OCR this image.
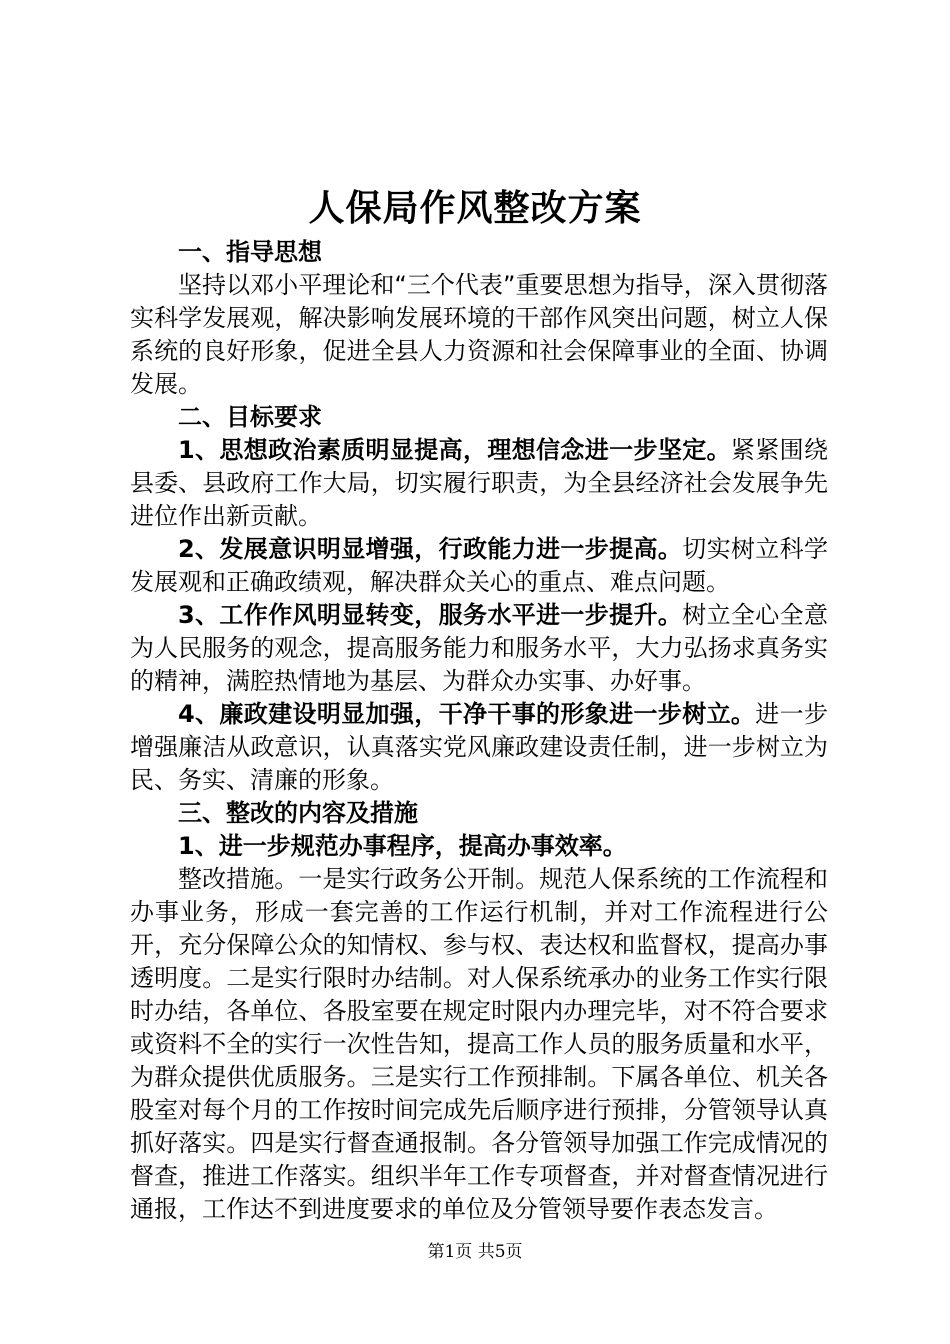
人保局作风整改方案

一、指导思想

坚持以邓小平理论和“三个代表”重要思想为指导，深入贯彻落实科学发展观，解决影响发展环境的干部作风突出问题，树立人保系统的良好形象，促进全县人力资源和社会保障事业的全面、协调发展。

二、目标要求

1、思想政治素质明显提高，理想信念进一步坚定。紧紧围绕县委、县政府工作大局，切实履行职责，为全县经济社会发展争先进位作出新贡献。

2、发展意识明显增强，行政能力进一步提高。切实树立科学发展观和正确政绩观，解决群众关心的重点、难点问题。

3、工作作风明显转变，服务水平进一步提升。树立全心全意为人民服务的观念，提高服务能力和服务水平，大力弘扬求真务实的精神，满腔热情地为基层、为群众办实事、办好事。

4、廉政建设明显加强，干净干事的形象进一步树立。进一步增强廉洁从政意识，认真落实党风廉政建设责任制，进一步树立为民、务实、清廉的形象。

三、整改的内容及措施

1、进一步规范办事程序，提高办事效率。

整改措施。一是实行政务公开制。规范人保系统的工作流程和办事业务，形成一套完善的工作运行机制，并对工作流程进行公开，充分保障公众的知情权、参与权、表达权和监督权，提高办事透明度。二是实行限时办结制。对人保系统承办的业务工作实行限时办结，各单位、各股室要在规定时限内办理完毕，对不符合要求或资料不全的实行一次性告知，提高工作人员的服务质量和水平，为群众提供优质服务。三是实行工作预排制。下属各单位、机关各股室对每个月的工作按时间完成先后顺序进行预排，分管领导认真抓好落实。四是实行督查通报制。各分管领导加强工作完成情况的督查，推进工作落实。组织半年工作专项督查，并对督查情况进行通报，工作达不到进度要求的单位及分管领导要作表态发言。

第1页 共5页
